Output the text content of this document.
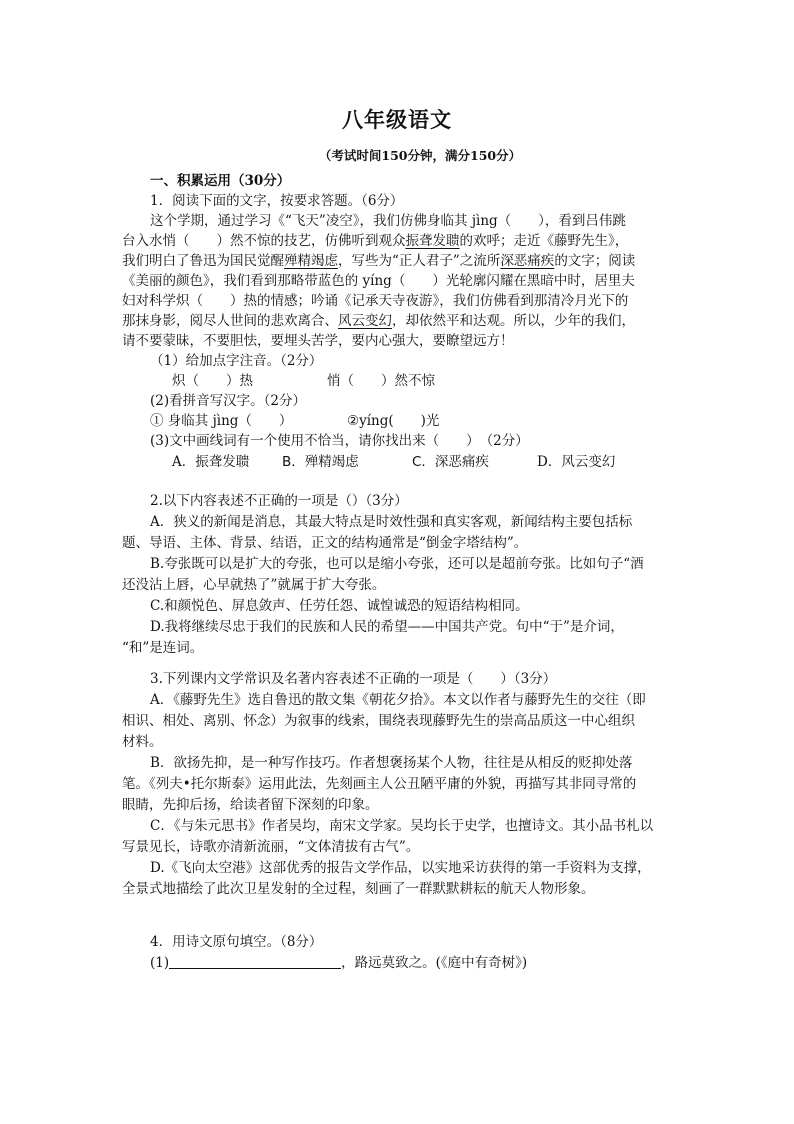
八年级语文
（考试时间150分钟，满分150分）
一、积累运用（30分）
1．阅读下面的文字，按要求答题。（6分）
这个学期，通过学习《“飞天”凌空》，我们仿佛身临其 jìng（　　），看到吕伟跳
台入水悄（　　）然不惊的技艺，仿佛听到观众振聋发聩的欢呼；走近《藤野先生》，
我们明白了鲁迅为国民觉醒殚精竭虑，写些为“正人君子”之流所深恶痛疾的文字；阅读
《美丽的颜色》，我们看到那略带蓝色的 yíng（　　）光轮廓闪耀在黑暗中时，居里夫
妇对科学炽（　　）热的情感；吟诵《记承天寺夜游》，我们仿佛看到那清冷月光下的
那抹身影，阅尽人世间的悲欢离合、风云变幻，却依然平和达观。所以，少年的我们，
请不要蒙昧，不要胆怯，要埋头苦学，要内心强大，要瞭望远方！
（1）给加点字注音。（2分）
炽（　　）热	悄（　　）然不惊
(2)看拼音写汉字。（2分）
① 身临其 jìng（　　）	②yíng(　　)光
(3)文中画线词有一个使用不恰当，请你找出来（　　）　（2分）
A．振聋发聩 B．殚精竭虑	C．深恶痛疾	D．风云变幻
2.以下内容表述不正确的一项是（）（3分）
A．狭义的新闻是消息，其最大特点是时效性强和真实客观，新闻结构主要包括标
题、导语、主体、背景、结语，正文的结构通常是“倒金字塔结构”。
B.夸张既可以是扩大的夸张，也可以是缩小夸张，还可以是超前夸张。比如句子“酒
还没沾上唇，心早就热了”就属于扩大夸张。
C.和颜悦色、屏息敛声、任劳任怨、诚惶诚恐的短语结构相同。
D.我将继续尽忠于我们的民族和人民的希望——中国共产党。句中“于”是介词，
“和”是连词。
3.下列课内文学常识及名著内容表述不正确的一项是（　　）（3分）
A．《藤野先生》选自鲁迅的散文集《朝花夕拾》。本文以作者与藤野先生的交往（即
相识、相处、离别、怀念）为叙事的线索，围绕表现藤野先生的崇高品质这一中心组织
材料。
B．欲扬先抑，是一种写作技巧。作者想褒扬某个人物，往往是从相反的贬抑处落
笔。《列夫•托尔斯泰》运用此法，先刻画主人公丑陋平庸的外貌，再描写其非同寻常的
眼睛，先抑后扬，给读者留下深刻的印象。
C．《与朱元思书》作者吴均，南宋文学家。吴均长于史学，也擅诗文。其小品书札以
写景见长，诗歌亦清新流丽，“文体清拔有古气”。
D.《飞向太空港》这部优秀的报告文学作品，以实地采访获得的第一手资料为支撑，
全景式地描绘了此次卫星发射的全过程，刻画了一群默默耕耘的航天人物形象。
4．用诗文原句填空。（8分）
(1)	，路远莫致之。(《庭中有奇树》)
